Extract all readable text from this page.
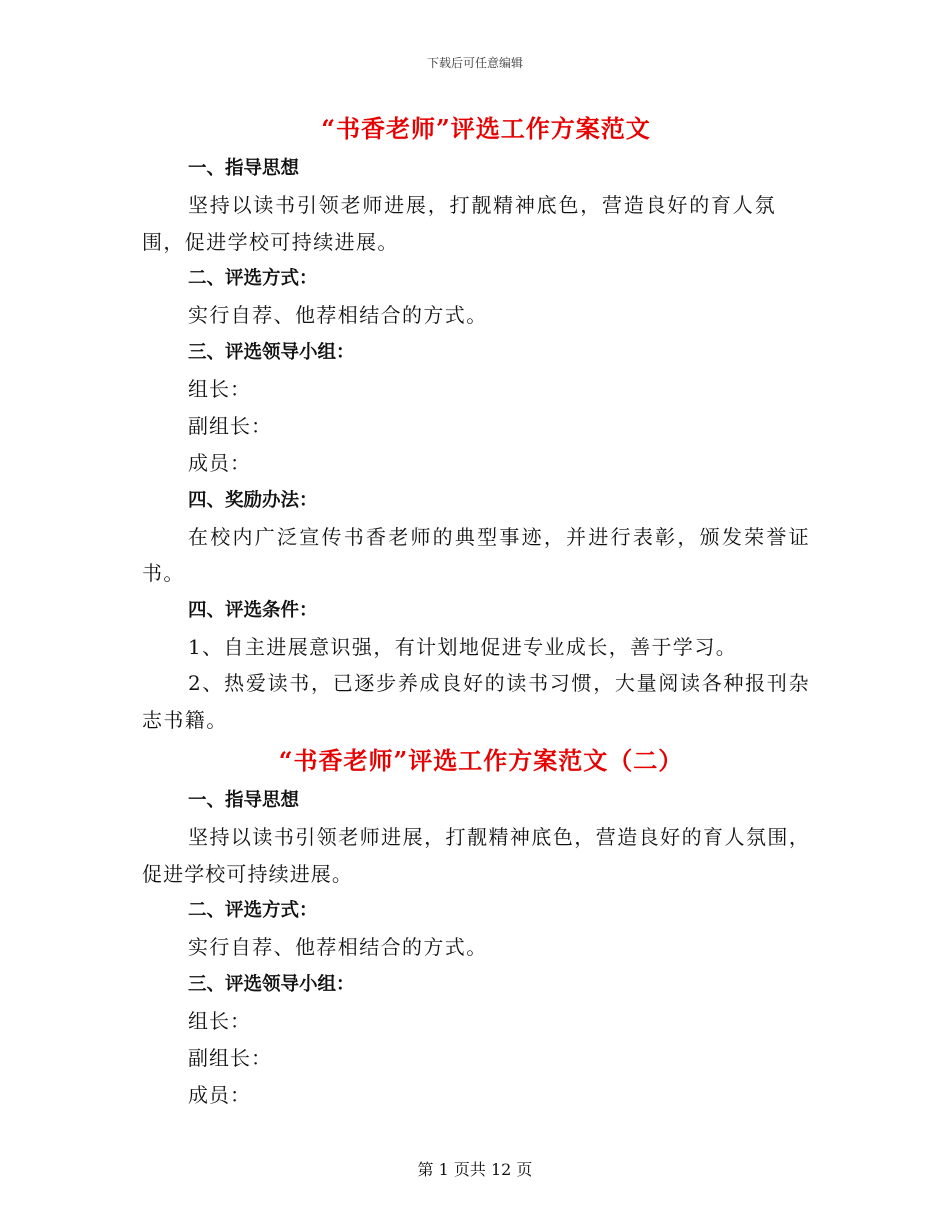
下载后可任意编辑
“书香老师”评选工作方案范文
一、指导思想

坚持以读书引领老师进展，打靓精神底色，营造良好的育人氛围，促进学校可持续进展。

二、评选方式：

实行自荐、他荐相结合的方式。

三、评选领导小组：

组长：

副组长：

成员：

四、奖励办法：

在校内广泛宣传书香老师的典型事迹，并进行表彰，颁发荣誉证书。

四、评选条件：

1、自主进展意识强，有计划地促进专业成长，善于学习。

2、热爱读书，已逐步养成良好的读书习惯，大量阅读各种报刊杂志书籍。

“书香老师”评选工作方案范文（二）
一、指导思想

坚持以读书引领老师进展，打靓精神底色，营造良好的育人氛围，促进学校可持续进展。

二、评选方式：

实行自荐、他荐相结合的方式。

三、评选领导小组：

组长：

副组长：

成员：

第 1 页共 12 页
